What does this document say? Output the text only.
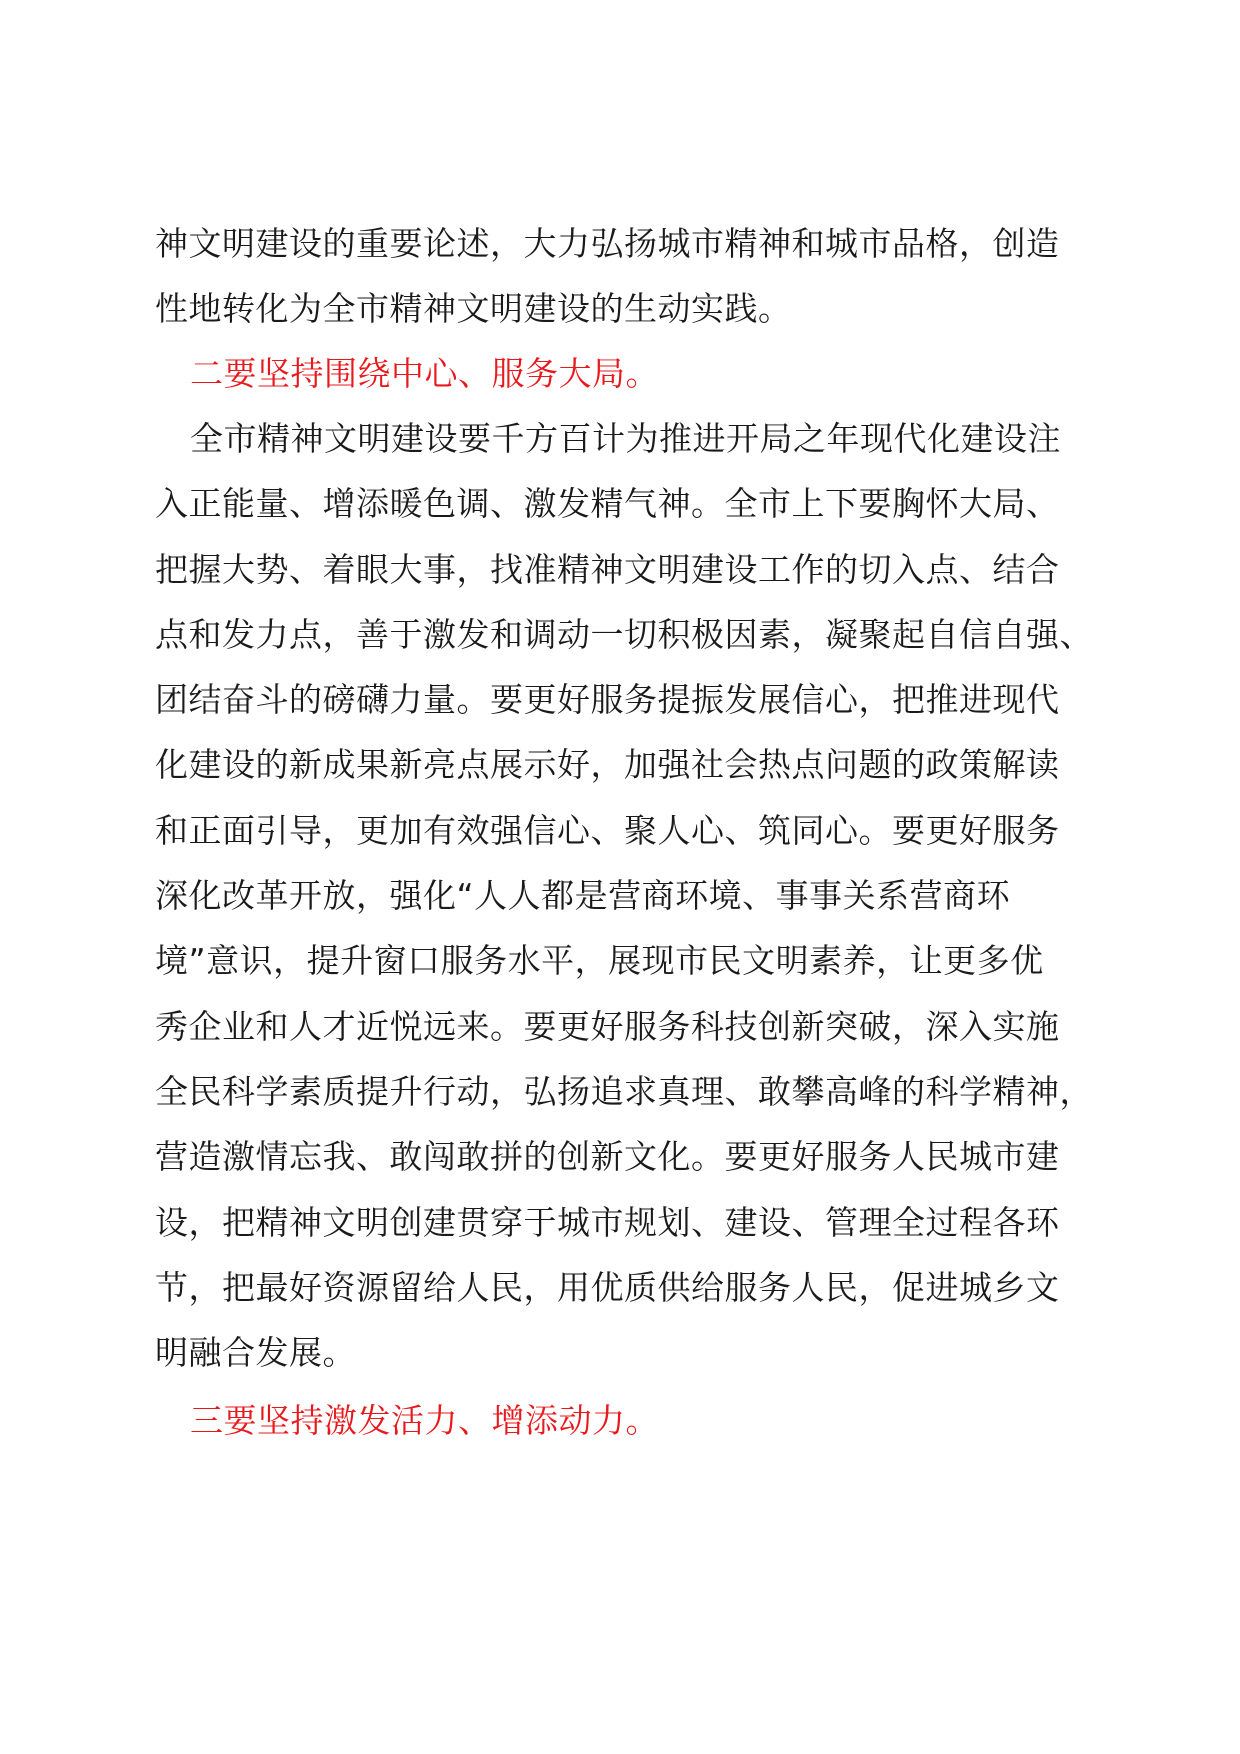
神文明建设的重要论述，大力弘扬城市精神和城市品格，创造
性地转化为全市精神文明建设的生动实践。
二要坚持围绕中心、服务大局。
全市精神文明建设要千方百计为推进开局之年现代化建设注
入正能量、增添暖色调、激发精气神。全市上下要胸怀大局、
把握大势、着眼大事，找准精神文明建设工作的切入点、结合
点和发力点，善于激发和调动一切积极因素，凝聚起自信自强、
团结奋斗的磅礴力量。要更好服务提振发展信心，把推进现代
化建设的新成果新亮点展示好，加强社会热点问题的政策解读
和正面引导，更加有效强信心、聚人心、筑同心。要更好服务
深化改革开放，强化“人人都是营商环境、事事关系营商环
境”意识，提升窗口服务水平，展现市民文明素养，让更多优
秀企业和人才近悦远来。要更好服务科技创新突破，深入实施
全民科学素质提升行动，弘扬追求真理、敢攀高峰的科学精神，
营造激情忘我、敢闯敢拼的创新文化。要更好服务人民城市建
设，把精神文明创建贯穿于城市规划、建设、管理全过程各环
节，把最好资源留给人民，用优质供给服务人民，促进城乡文
明融合发展。
三要坚持激发活力、增添动力。
